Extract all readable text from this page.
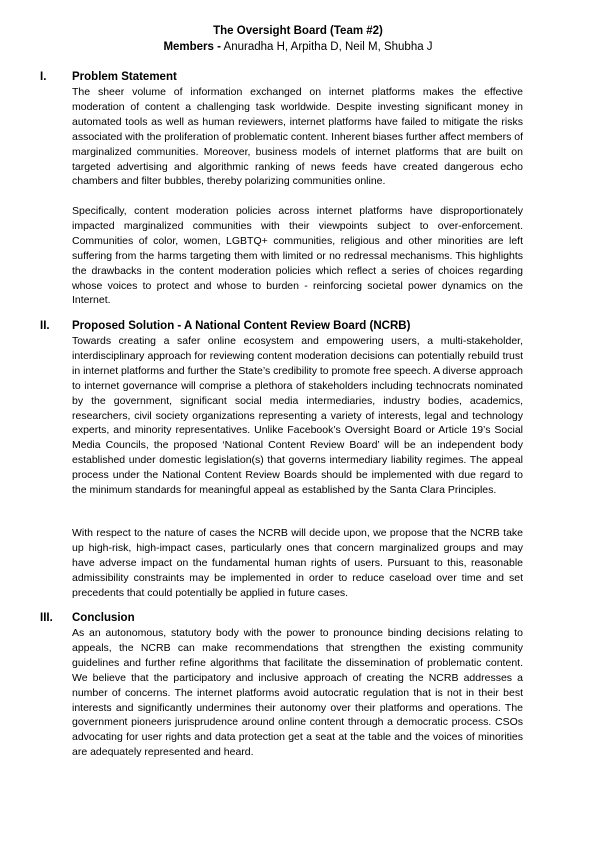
The Oversight Board (Team #2)
Members - Anuradha H, Arpitha D, Neil M, Shubha J
I.	Problem Statement

The sheer volume of information exchanged on internet platforms makes the effective moderation of content a challenging task worldwide. Despite investing significant money in automated tools as well as human reviewers, internet platforms have failed to mitigate the risks associated with the proliferation of problematic content. Inherent biases further affect members of marginalized communities. Moreover, business models of internet platforms that are built on targeted advertising and algorithmic ranking of news feeds have created dangerous echo chambers and filter bubbles, thereby polarizing communities online.

Specifically, content moderation policies across internet platforms have disproportionately impacted marginalized communities with their viewpoints subject to over-enforcement. Communities of color, women, LGBTQ+ communities, religious and other minorities are left suffering from the harms targeting them with limited or no redressal mechanisms. This highlights the drawbacks in the content moderation policies which reflect a series of choices regarding whose voices to protect and whose to burden - reinforcing societal power dynamics on the Internet.

II.	Proposed Solution - A National Content Review Board (NCRB)

Towards creating a safer online ecosystem and empowering users, a multi-stakeholder, interdisciplinary approach for reviewing content moderation decisions can potentially rebuild trust in internet platforms and further the State’s credibility to promote free speech. A diverse approach to internet governance will comprise a plethora of stakeholders including technocrats nominated by the government, significant social media intermediaries, industry bodies, academics, researchers, civil society organizations representing a variety of interests, legal and technology experts, and minority representatives. Unlike Facebook’s Oversight Board or Article 19’s Social Media Councils, the proposed ‘National Content Review Board’ will be an independent body established under domestic legislation(s) that governs intermediary liability regimes. The appeal process under the National Content Review Boards should be implemented with due regard to the minimum standards for meaningful appeal as established by the Santa Clara Principles.

With respect to the nature of cases the NCRB will decide upon, we propose that the NCRB take up high-risk, high-impact cases, particularly ones that concern marginalized groups and may have adverse impact on the fundamental human rights of users. Pursuant to this, reasonable admissibility constraints may be implemented in order to reduce caseload over time and set precedents that could potentially be applied in future cases.

III.	Conclusion

As an autonomous, statutory body with the power to pronounce binding decisions relating to appeals, the NCRB can make recommendations that strengthen the existing community guidelines and further refine algorithms that facilitate the dissemination of problematic content. We believe that the participatory and inclusive approach of creating the NCRB addresses a number of concerns. The internet platforms avoid autocratic regulation that is not in their best interests and significantly undermines their autonomy over their platforms and operations. The government pioneers jurisprudence around online content through a democratic process. CSOs advocating for user rights and data protection get a seat at the table and the voices of minorities are adequately represented and heard.
